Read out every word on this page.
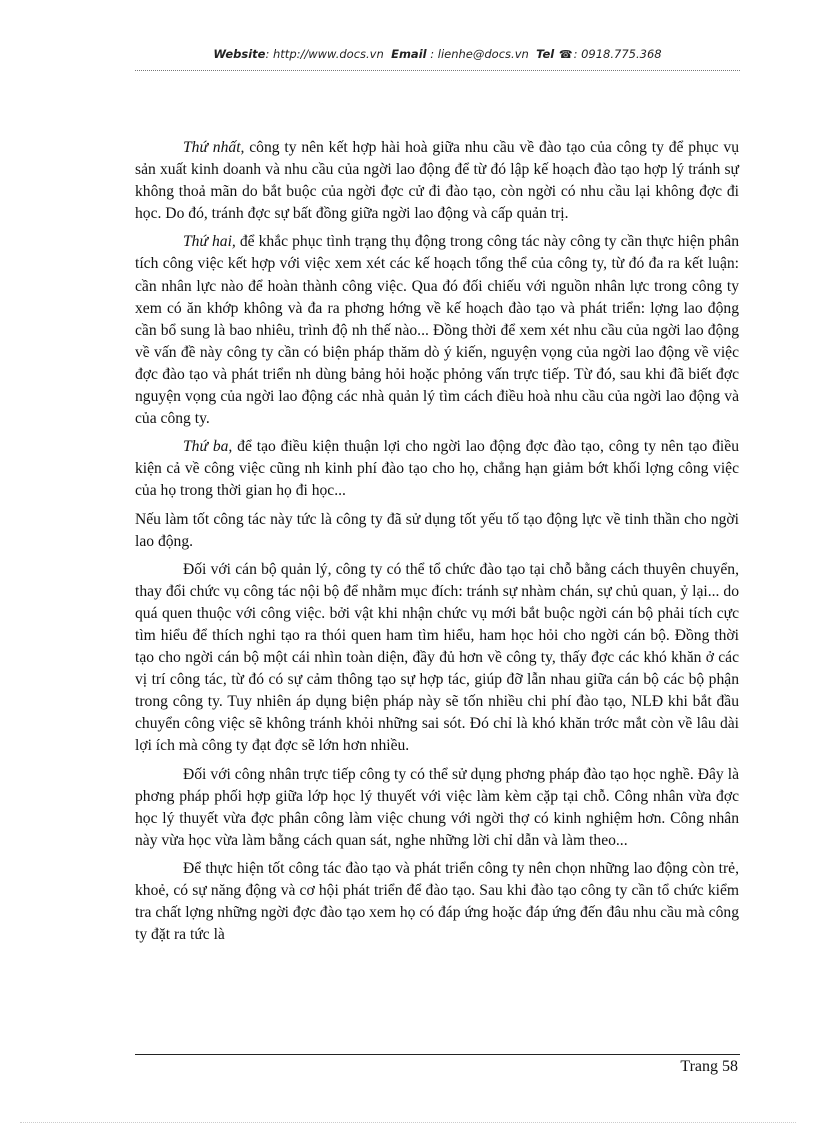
Website: http://www.docs.vn Email : lienhe@docs.vn Tel ☎: 0918.775.368

Thứ nhất, công ty nên kết hợp hài hoà giữa nhu cầu về đào tạo của công ty để phục vụ sản xuất kinh doanh và nhu cầu của ngời lao động để từ đó lập kế hoạch đào tạo hợp lý tránh sự không thoả mãn do bắt buộc của ngời đợc cử đi đào tạo, còn ngời có nhu cầu lại không đợc đi học. Do đó, tránh đợc sự bất đồng giữa ngời lao động và cấp quản trị.

Thứ hai, để khắc phục tình trạng thụ động trong công tác này công ty cần thực hiện phân tích công việc kết hợp với việc xem xét các kế hoạch tổng thể của công ty, từ đó đa ra kết luận: cần nhân lực nào để hoàn thành công việc. Qua đó đối chiếu với nguồn nhân lực trong công ty xem có ăn khớp không và đa ra phơng hớng về kế hoạch đào tạo và phát triển: lợng lao động cần bổ sung là bao nhiêu, trình độ nh thế nào... Đồng thời để xem xét nhu cầu của ngời lao động về vấn đề này công ty cần có biện pháp thăm dò ý kiến, nguyện vọng của ngời lao động về việc đợc đào tạo và phát triển nh dùng bảng hỏi hoặc phỏng vấn trực tiếp. Từ đó, sau khi đã biết đợc nguyện vọng của ngời lao động các nhà quản lý tìm cách điều hoà nhu cầu của ngời lao động và của công ty.

Thứ ba, để tạo điều kiện thuận lợi cho ngời lao động đợc đào tạo, công ty nên tạo điều kiện cả về công việc cũng nh kinh phí đào tạo cho họ, chẳng hạn giảm bớt khối lợng công việc của họ trong thời gian họ đi học...

Nếu làm tốt công tác này tức là công ty đã sử dụng tốt yếu tố tạo động lực về tinh thần cho ngời lao động.

Đối với cán bộ quản lý, công ty có thể tổ chức đào tạo tại chỗ bằng cách thuyên chuyển, thay đổi chức vụ công tác nội bộ để nhằm mục đích: tránh sự nhàm chán, sự chủ quan, ỷ lại... do quá quen thuộc với công việc. bởi vật khi nhận chức vụ mới bắt buộc ngời cán bộ phải tích cực tìm hiểu để thích nghi tạo ra thói quen ham tìm hiểu, ham học hỏi cho ngời cán bộ. Đồng thời tạo cho ngời cán bộ một cái nhìn toàn diện, đầy đủ hơn về công ty, thấy đợc các khó khăn ở các vị trí công tác, từ đó có sự cảm thông tạo sự hợp tác, giúp đỡ lẫn nhau giữa cán bộ các bộ phận trong công ty. Tuy nhiên áp dụng biện pháp này sẽ tốn nhiều chi phí đào tạo, NLĐ khi bắt đầu chuyển công việc sẽ không tránh khỏi những sai sót. Đó chỉ là khó khăn trớc mắt còn về lâu dài lợi ích mà công ty đạt đợc sẽ lớn hơn nhiều.

Đối với công nhân trực tiếp công ty có thể sử dụng phơng pháp đào tạo học nghề. Đây là phơng pháp phối hợp giữa lớp học lý thuyết với việc làm kèm cặp tại chỗ. Công nhân vừa đợc học lý thuyết vừa đợc phân công làm việc chung với ngời thợ có kinh nghiệm hơn. Công nhân này vừa học vừa làm bằng cách quan sát, nghe những lời chỉ dẫn và làm theo...

Để thực hiện tốt công tác đào tạo và phát triển công ty nên chọn những lao động còn trẻ, khoẻ, có sự năng động và cơ hội phát triển để đào tạo. Sau khi đào tạo công ty cần tổ chức kiểm tra chất lợng những ngời đợc đào tạo xem họ có đáp ứng hoặc đáp ứng đến đâu nhu cầu mà công ty đặt ra tức là

Trang 58
